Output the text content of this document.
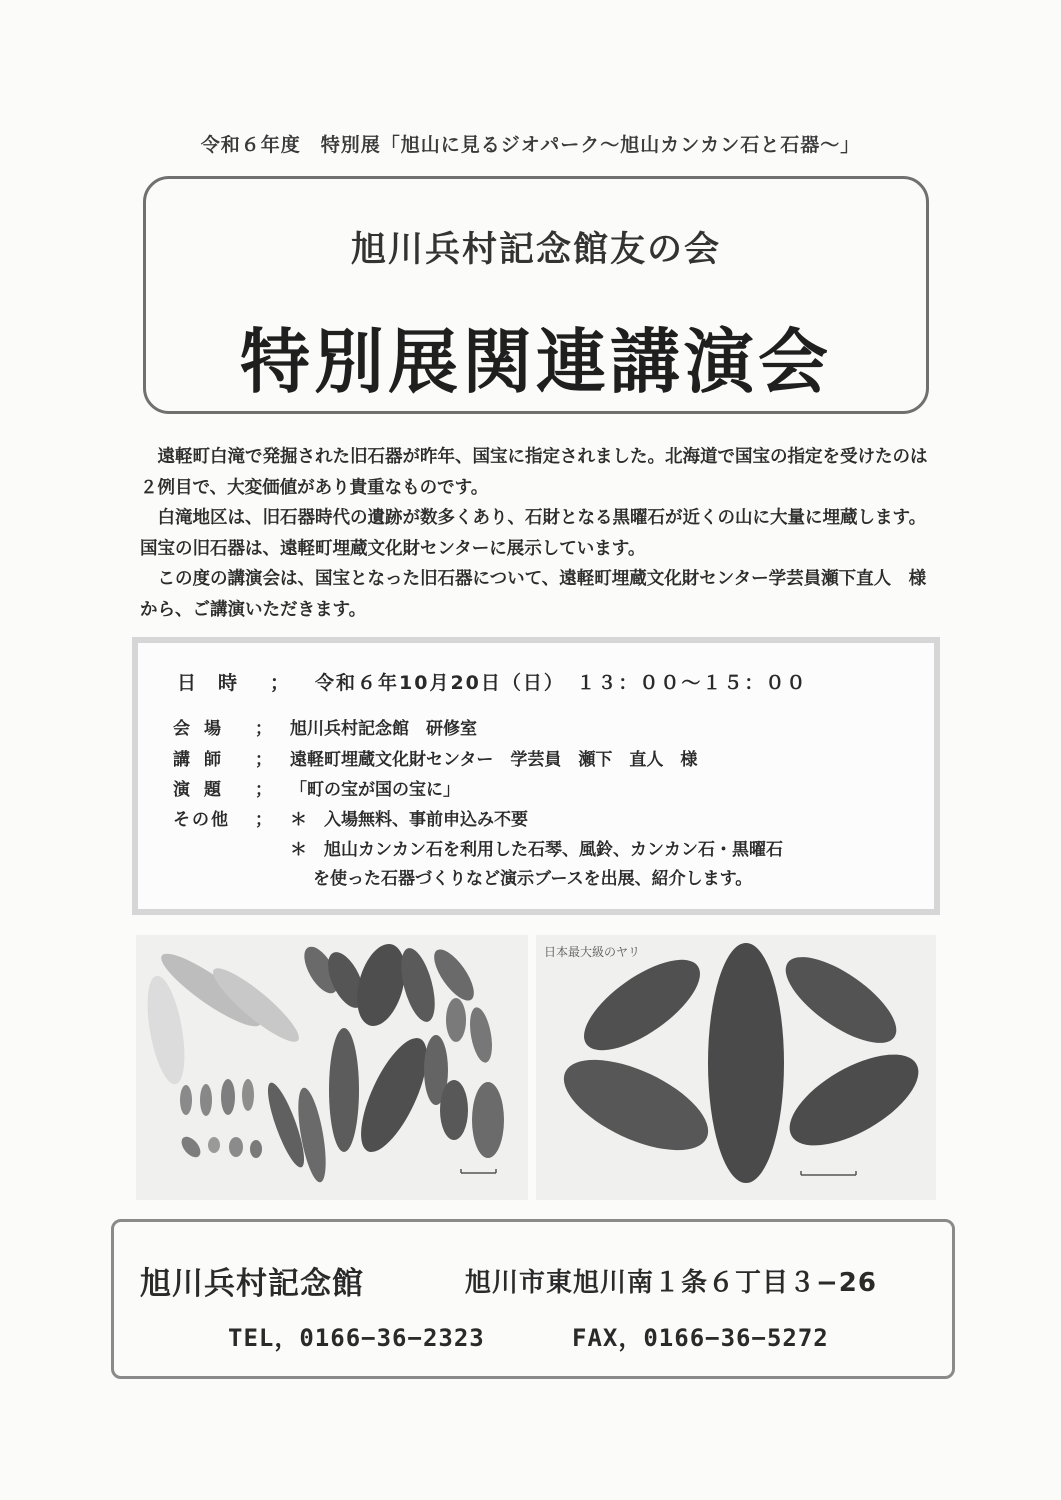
令和６年度　特別展「旭山に見るジオパーク～旭山カンカン石と石器～」
旭川兵村記念館友の会
特別展関連講演会

　遠軽町白滝で発掘された旧石器が昨年、国宝に指定されました。北海道で国宝の指定を受けたのは２例目で、大変価値があり貴重なものです。

　白滝地区は、旧石器時代の遺跡が数多くあり、石財となる黒曜石が近くの山に大量に埋蔵します。国宝の旧石器は、遠軽町埋蔵文化財センターに展示しています。

　この度の講演会は、国宝となった旧石器について、遠軽町埋蔵文化財センター学芸員瀬下直人　様から、ご講演いただきます。

日時 ； 令和６年10月20日（日）　１３：００～１５：００
会場 ； 旭川兵村記念館　研修室
講師 ； 遠軽町埋蔵文化財センター　学芸員　瀬下　直人　様
演題 ； 「町の宝が国の宝に」
その他 ； ＊　入場無料、事前申込み不要
＊　旭山カンカン石を利用した石琴、風鈴、カンカン石・黒曜石
を使った石器づくりなど演示ブースを出展、紹介します。
日本最大級のヤリ
旭川兵村記念館	旭川市東旭川南１条６丁目３−26
TEL，0166−36−2323	FAX，0166−36−5272
